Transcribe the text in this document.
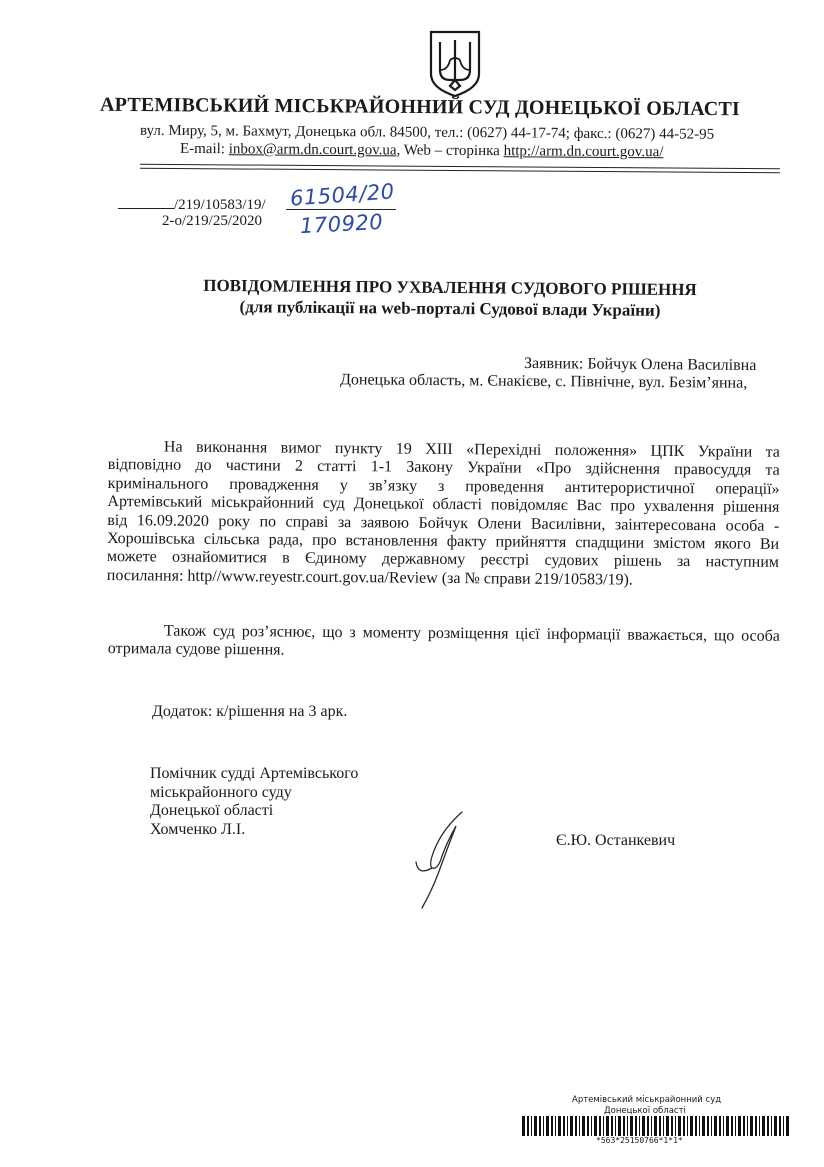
АРТЕМІВСЬКИЙ МІСЬКРАЙОННИЙ СУД ДОНЕЦЬКОЇ ОБЛАСТІ
вул. Миру, 5, м. Бахмут, Донецька обл. 84500, тел.: (0627) 44-17-74; факс.: (0627) 44-52-95
E-mail: inbox@arm.dn.court.gov.ua, Web – сторінка http://arm.dn.court.gov.ua/
/219/10583/19/
2-о/219/25/2020
61504/20
170920
ПОВІДОМЛЕННЯ ПРО УХВАЛЕННЯ СУДОВОГО РІШЕННЯ
(для публікації на web-порталі Судової влади України)
Заявник: Бойчук Олена Василівна
Донецька область, м. Єнакієве, с. Північне, вул. Безім’янна,
На виконання вимог пункту 19 XIII «Перехідні положення» ЦПК України та
відповідно до частини 2 статті 1-1 Закону України «Про здійснення правосуддя та
кримінального провадження у зв’язку з проведення антитерористичної операції»
Артемівський міськрайонний суд Донецької області повідомляє Вас про ухвалення рішення
від 16.09.2020 року по справі за заявою Бойчук Олени Василівни, заінтересована особа -
Хорошівська сільська рада, про встановлення факту прийняття спадщини змістом якого Ви
можете ознайомитися в Єдиному державному реєстрі судових рішень за наступним
посилання: http//www.reyestr.court.gov.ua/Review (за № справи 219/10583/19).
Також суд роз’яснює, що з моменту розміщення цієї інформації вважається, що особа
отримала судове рішення.
Додаток: к/рішення на 3 арк.
Помічник судді Артемівського
міськрайонного суду
Донецької області
Хомченко Л.І.
Є.Ю. Останкевич
Артемівський міськрайонний суд
Донецької області
*563*25150766*1*1*
